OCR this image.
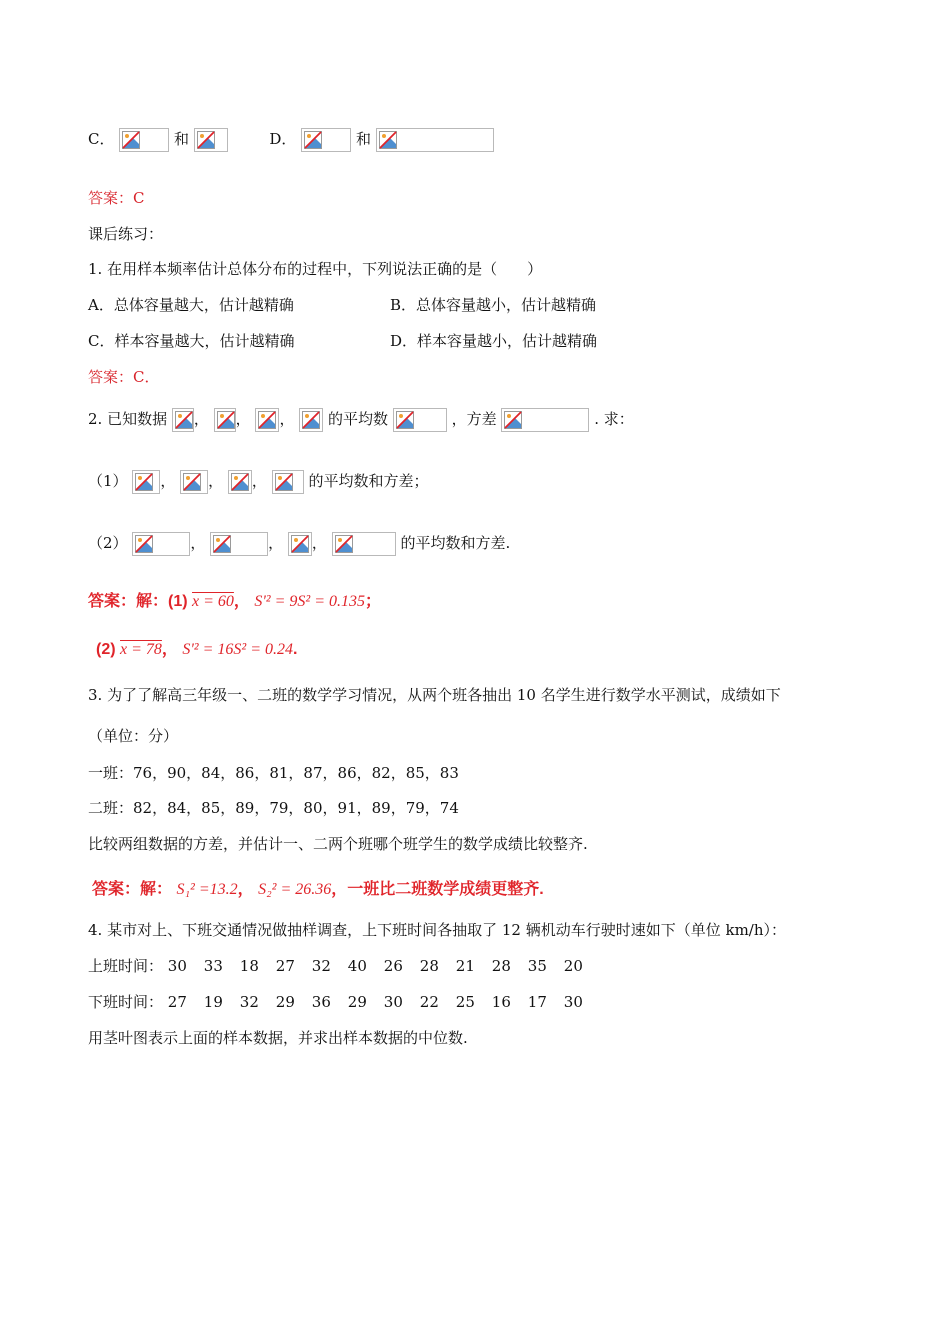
C．	和	D．	和
答案：C
课后练习：
1. 在用样本频率估计总体分布的过程中，下列说法正确的是（　　）
A．总体容量越大，估计越精确	B．总体容量越小，估计越精确
C．样本容量越大，估计越精确	D．样本容量越小，估计越精确
答案：C．
2. 已知数据 ， ， ， 的平均数	，方差	. 求：
（1） ， ， ，	的平均数和方差；
（2）	，	， ，	的平均数和方差.
答案：解：(1) x = 60， S'² = 9S² = 0.135；
(2) x = 78， S'² = 16S² = 0.24.
3. 为了了解高三年级一、二班的数学学习情况，从两个班各抽出 10 名学生进行数学水平测试，成绩如下
（单位：分）
一班：76，90，84，86，81，87，86，82，85，83
二班：82，84，85，89，79，80，91，89，79，74
比较两组数据的方差，并估计一、二两个班哪个班学生的数学成绩比较整齐.
答案：解： S₁² =13.2， S₂² = 26.36，一班比二班数学成绩更整齐.
4. 某市对上、下班交通情况做抽样调查，上下班时间各抽取了 12 辆机动车行驶时速如下（单位 km/h）：
上班时间： 30 33 18 27 32 40 26 28 21 28 35 20
下班时间： 27 19 32 29 36 29 30 22 25 16 17 30
用茎叶图表示上面的样本数据，并求出样本数据的中位数.
